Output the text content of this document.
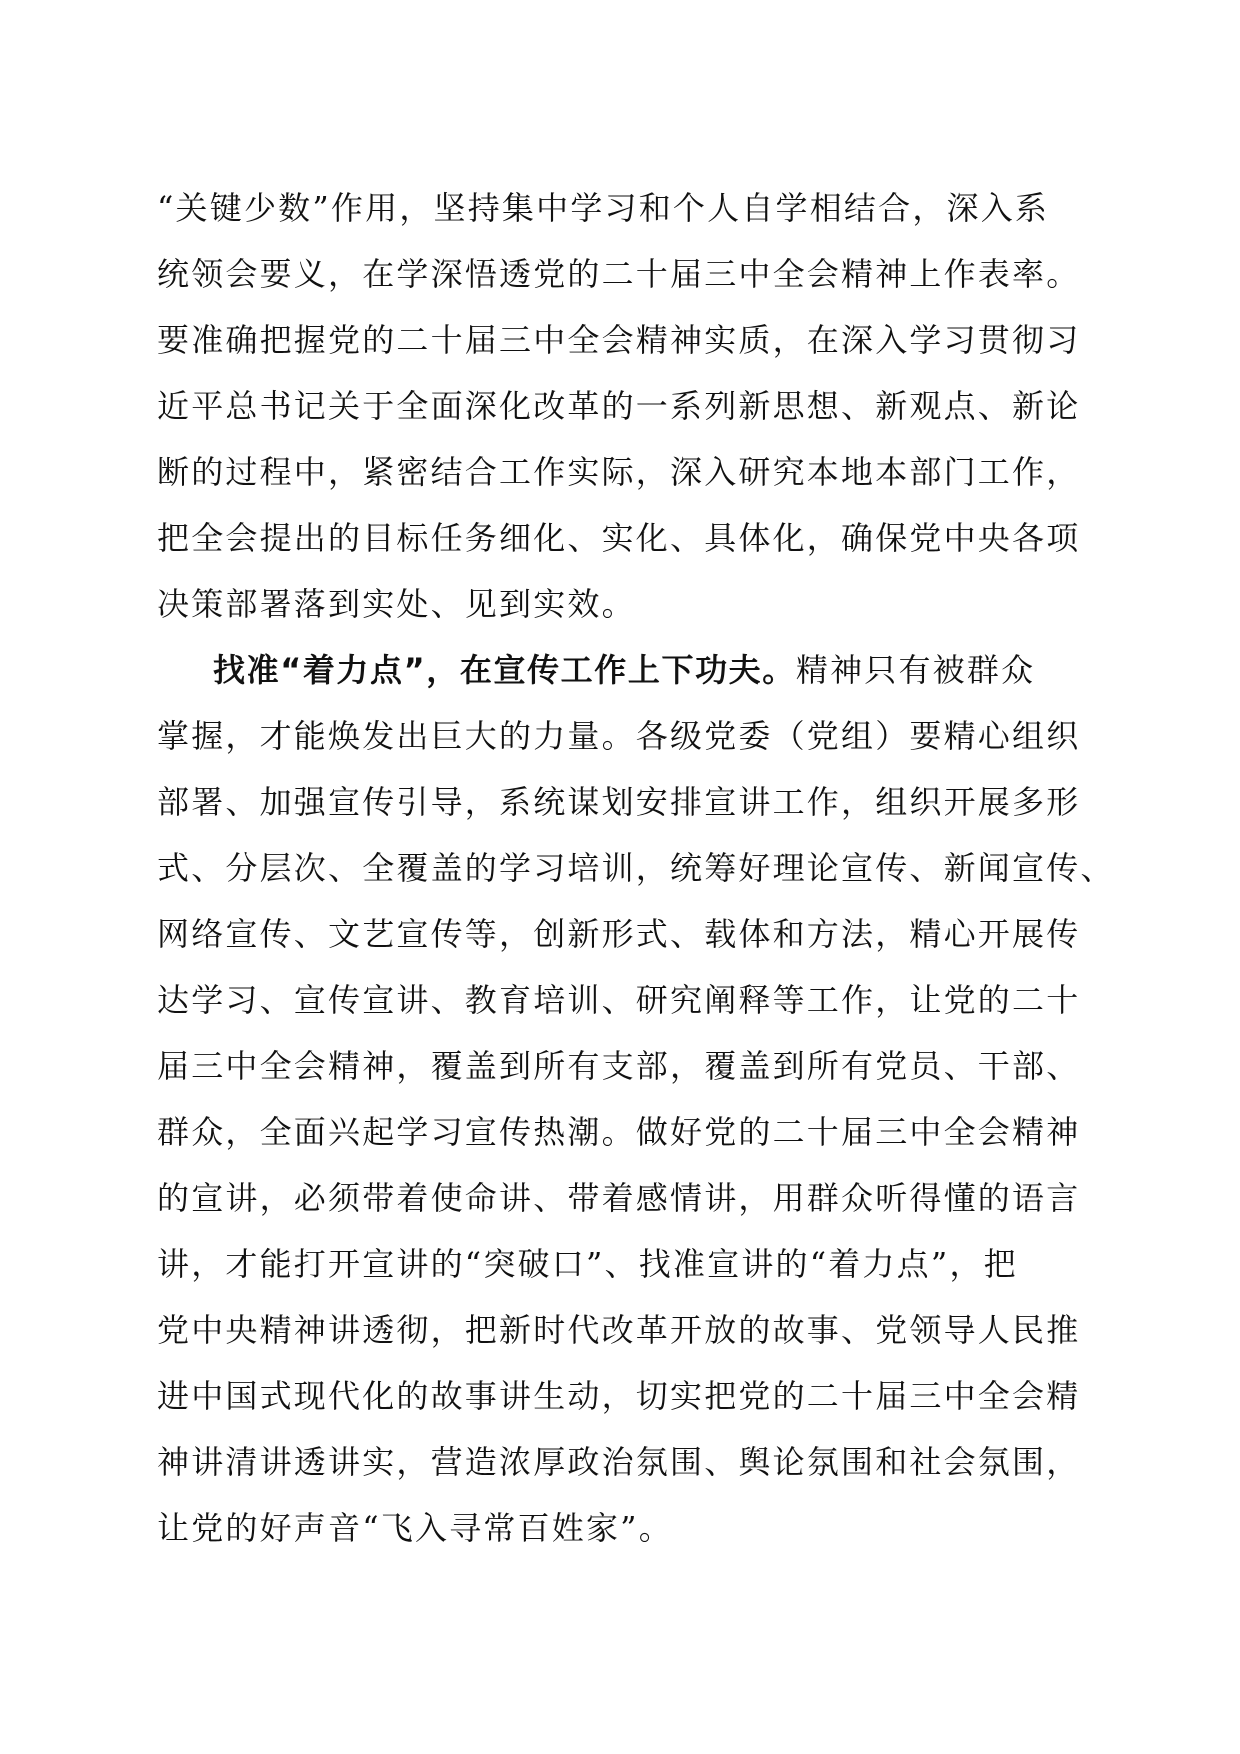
“关键少数”作用，坚持集中学习和个人自学相结合，深入系
统领会要义，在学深悟透党的二十届三中全会精神上作表率。
要准确把握党的二十届三中全会精神实质，在深入学习贯彻习
近平总书记关于全面深化改革的一系列新思想、新观点、新论
断的过程中，紧密结合工作实际，深入研究本地本部门工作，
把全会提出的目标任务细化、实化、具体化，确保党中央各项
决策部署落到实处、见到实效。
找准“着力点”，在宣传工作上下功夫。精神只有被群众
掌握，才能焕发出巨大的力量。各级党委（党组）要精心组织
部署、加强宣传引导，系统谋划安排宣讲工作，组织开展多形
式、分层次、全覆盖的学习培训，统筹好理论宣传、新闻宣传、
网络宣传、文艺宣传等，创新形式、载体和方法，精心开展传
达学习、宣传宣讲、教育培训、研究阐释等工作，让党的二十
届三中全会精神，覆盖到所有支部，覆盖到所有党员、干部、
群众，全面兴起学习宣传热潮。做好党的二十届三中全会精神
的宣讲，必须带着使命讲、带着感情讲，用群众听得懂的语言
讲，才能打开宣讲的“突破口”、找准宣讲的“着力点”，把
党中央精神讲透彻，把新时代改革开放的故事、党领导人民推
进中国式现代化的故事讲生动，切实把党的二十届三中全会精
神讲清讲透讲实，营造浓厚政治氛围、舆论氛围和社会氛围，
让党的好声音“飞入寻常百姓家”。
